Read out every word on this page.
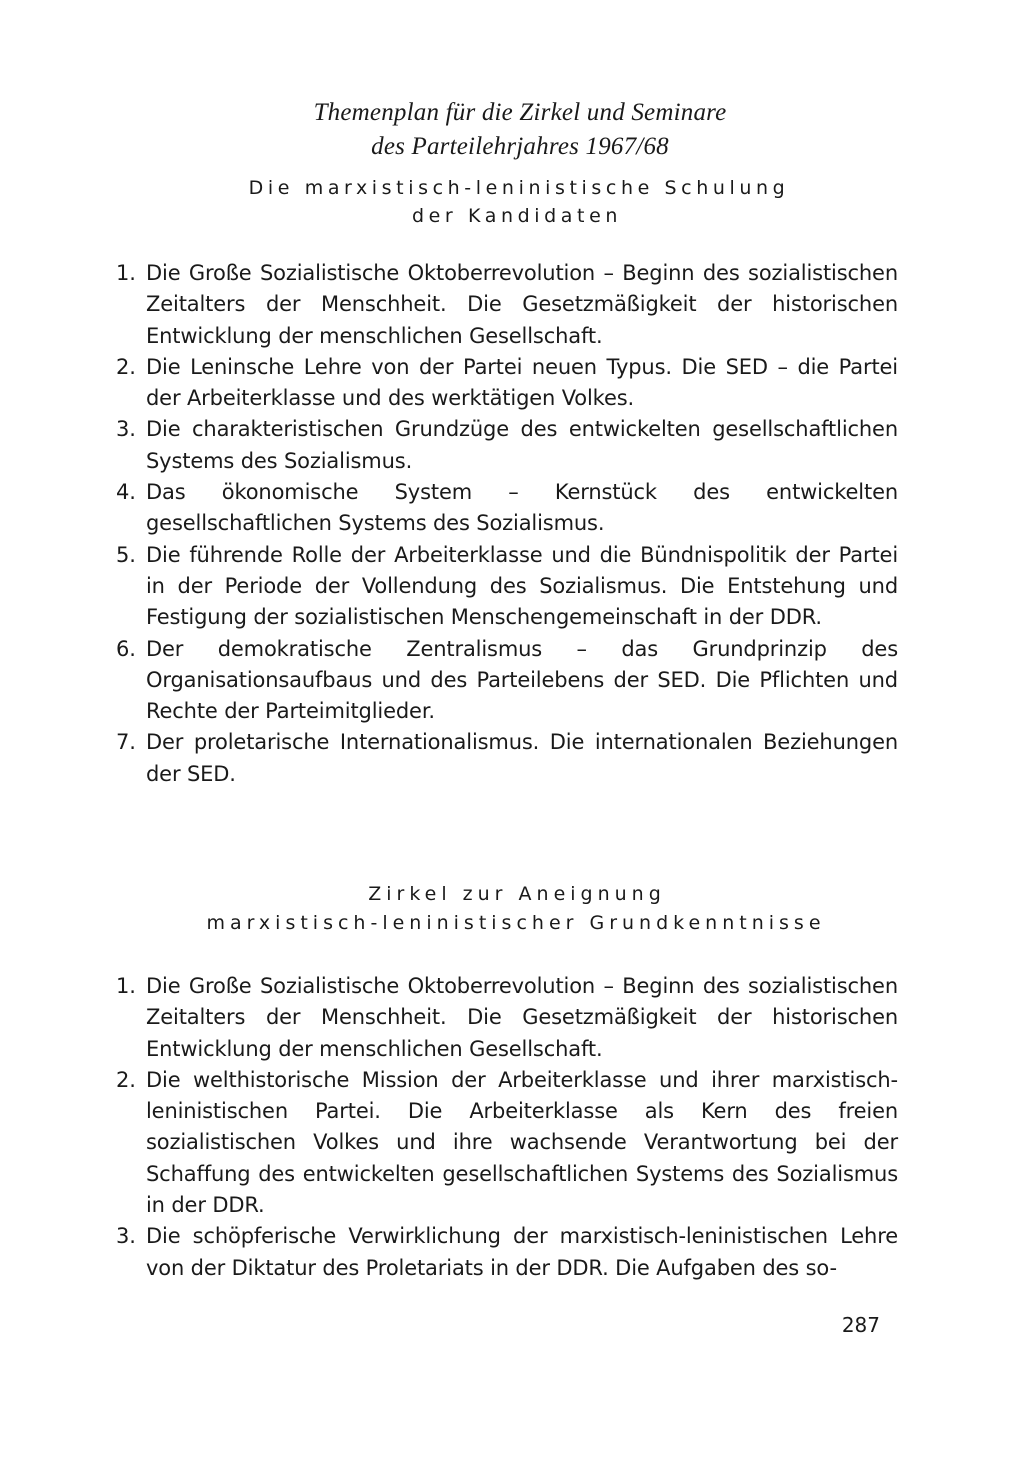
Themenplan für die Zirkel und Seminare
des Parteilehrjahres 1967/68
Die marxistisch-leninistische Schulung
der Kandidaten
1. Die Große Sozialistische Oktoberrevolution – Beginn des sozialistischen Zeitalters der Menschheit. Die Gesetzmäßigkeit der historischen Entwicklung der menschlichen Gesellschaft.
2. Die Leninsche Lehre von der Partei neuen Typus. Die SED – die Partei der Arbeiterklasse und des werktätigen Volkes.
3. Die charakteristischen Grundzüge des entwickelten gesellschaftlichen Systems des Sozialismus.
4. Das ökonomische System – Kernstück des entwickelten gesellschaftlichen Systems des Sozialismus.
5. Die führende Rolle der Arbeiterklasse und die Bündnispolitik der Partei in der Periode der Vollendung des Sozialismus. Die Entstehung und Festigung der sozialistischen Menschengemeinschaft in der DDR.
6. Der demokratische Zentralismus – das Grundprinzip des Organisationsaufbaus und des Parteilebens der SED. Die Pflichten und Rechte der Parteimitglieder.
7. Der proletarische Internationalismus. Die internationalen Beziehungen der SED.
Zirkel zur Aneignung
marxistisch-leninistischer Grundkenntnisse
1. Die Große Sozialistische Oktoberrevolution – Beginn des sozialistischen Zeitalters der Menschheit. Die Gesetzmäßigkeit der historischen Entwicklung der menschlichen Gesellschaft.
2. Die welthistorische Mission der Arbeiterklasse und ihrer marxistisch-leninistischen Partei. Die Arbeiterklasse als Kern des freien sozialistischen Volkes und ihre wachsende Verantwortung bei der Schaffung des entwickelten gesellschaftlichen Systems des Sozialismus in der DDR.
3. Die schöpferische Verwirklichung der marxistisch-leninistischen Lehre von der Diktatur des Proletariats in der DDR. Die Aufgaben des so-
287
